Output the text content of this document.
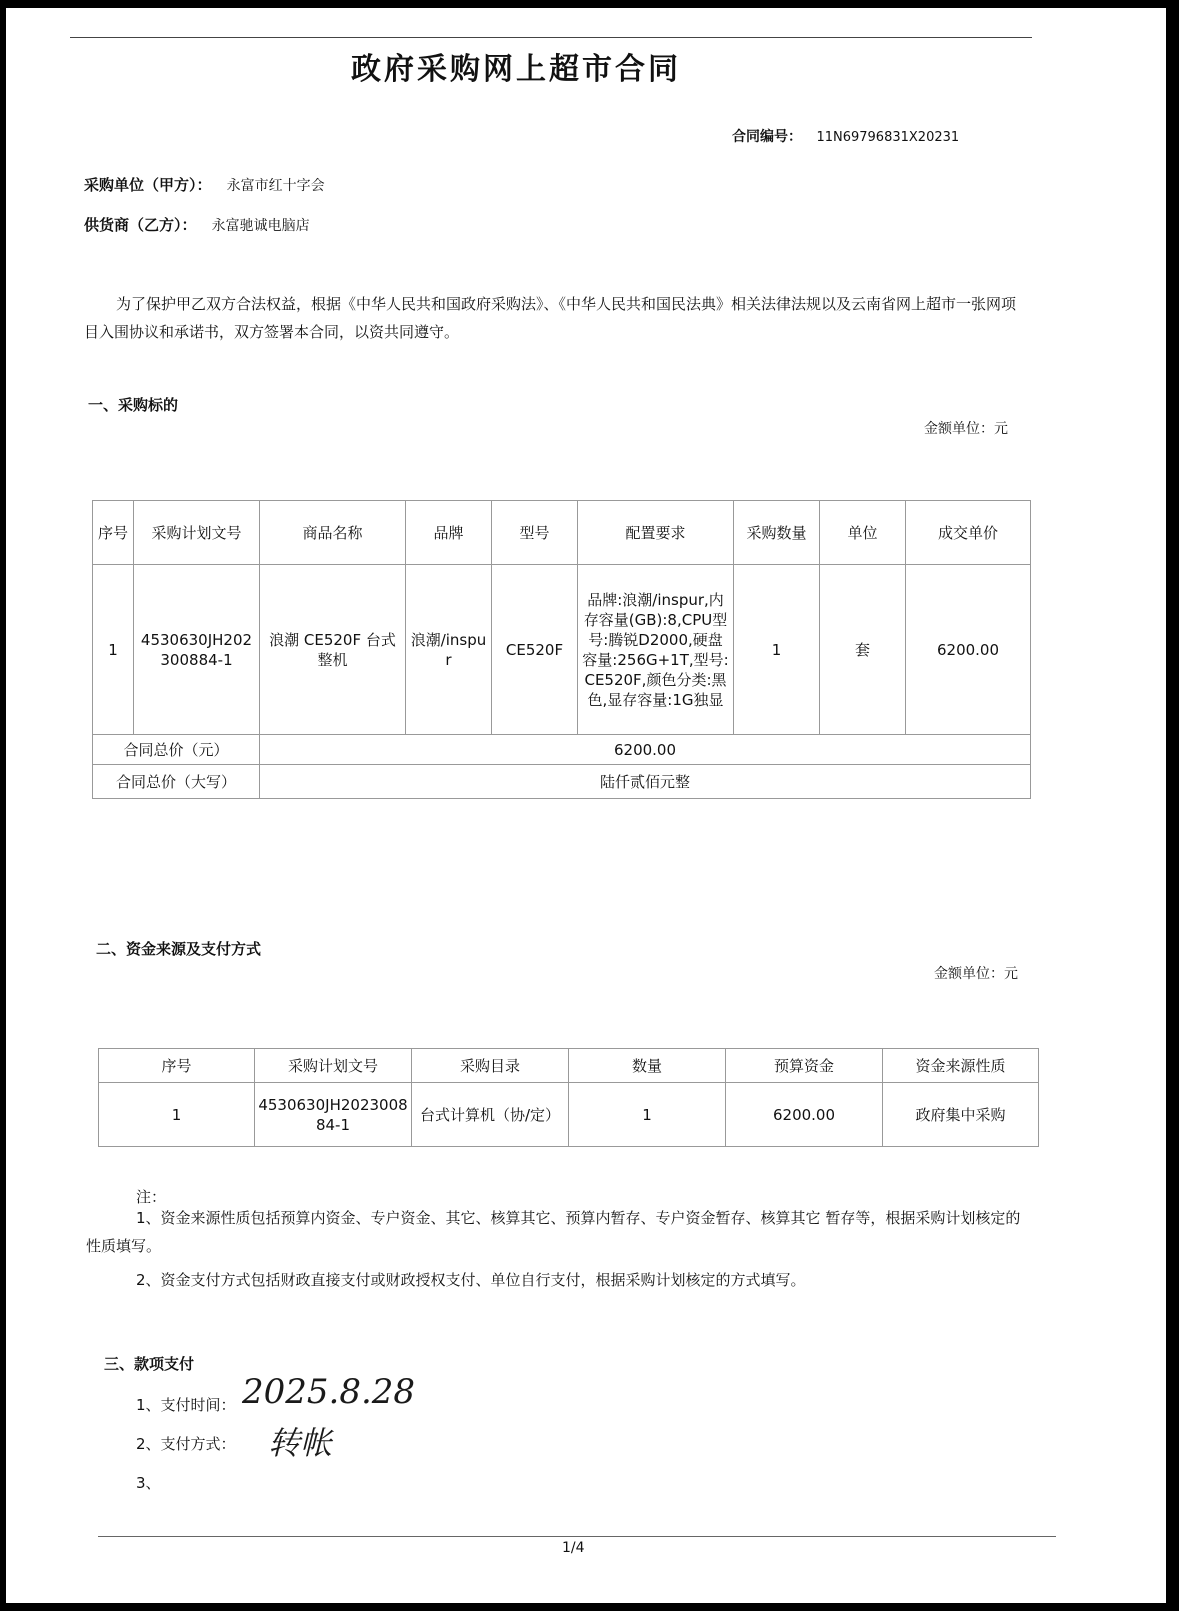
政府采购网上超市合同
合同编号： 11N69796831X20231
采购单位（甲方）： 永富市红十字会
供货商（乙方）： 永富驰诚电脑店
为了保护甲乙双方合法权益，根据《中华人民共和国政府采购法》、《中华人民共和国民法典》相关法律法规以及云南省网上超市一张网项目入围协议和承诺书，双方签署本合同，以资共同遵守。
一、采购标的
金额单位：元
序号	采购计划文号	商品名称	品牌	型号	配置要求	采购数量	单位	成交单价
1	4530630JH202300884-1	浪潮 CE520F 台式整机	浪潮/inspur	CE520F	品牌:浪潮/inspur,内存容量(GB):8,CPU型号:腾锐D2000,硬盘容量:256G+1T,型号:CE520F,颜色分类:黑色,显存容量:1G独显	1	套	6200.00
合同总价（元）		6200.00						
合同总价（大写）		陆仟贰佰元整						
二、资金来源及支付方式
金额单位：元
序号	采购计划文号	采购目录	数量	预算资金	资金来源性质
1	4530630JH202300884-1	台式计算机（协/定）	1	6200.00	政府集中采购
注：
1、资金来源性质包括预算内资金、专户资金、其它、核算其它、预算内暂存、专户资金暂存、核算其它 暂存等，根据采购计划核定的性质填写。
2、资金支付方式包括财政直接支付或财政授权支付、单位自行支付，根据采购计划核定的方式填写。
三、款项支付
1、支付时间： 2025.8.28
2、支付方式： 转帐
3、
1/4
